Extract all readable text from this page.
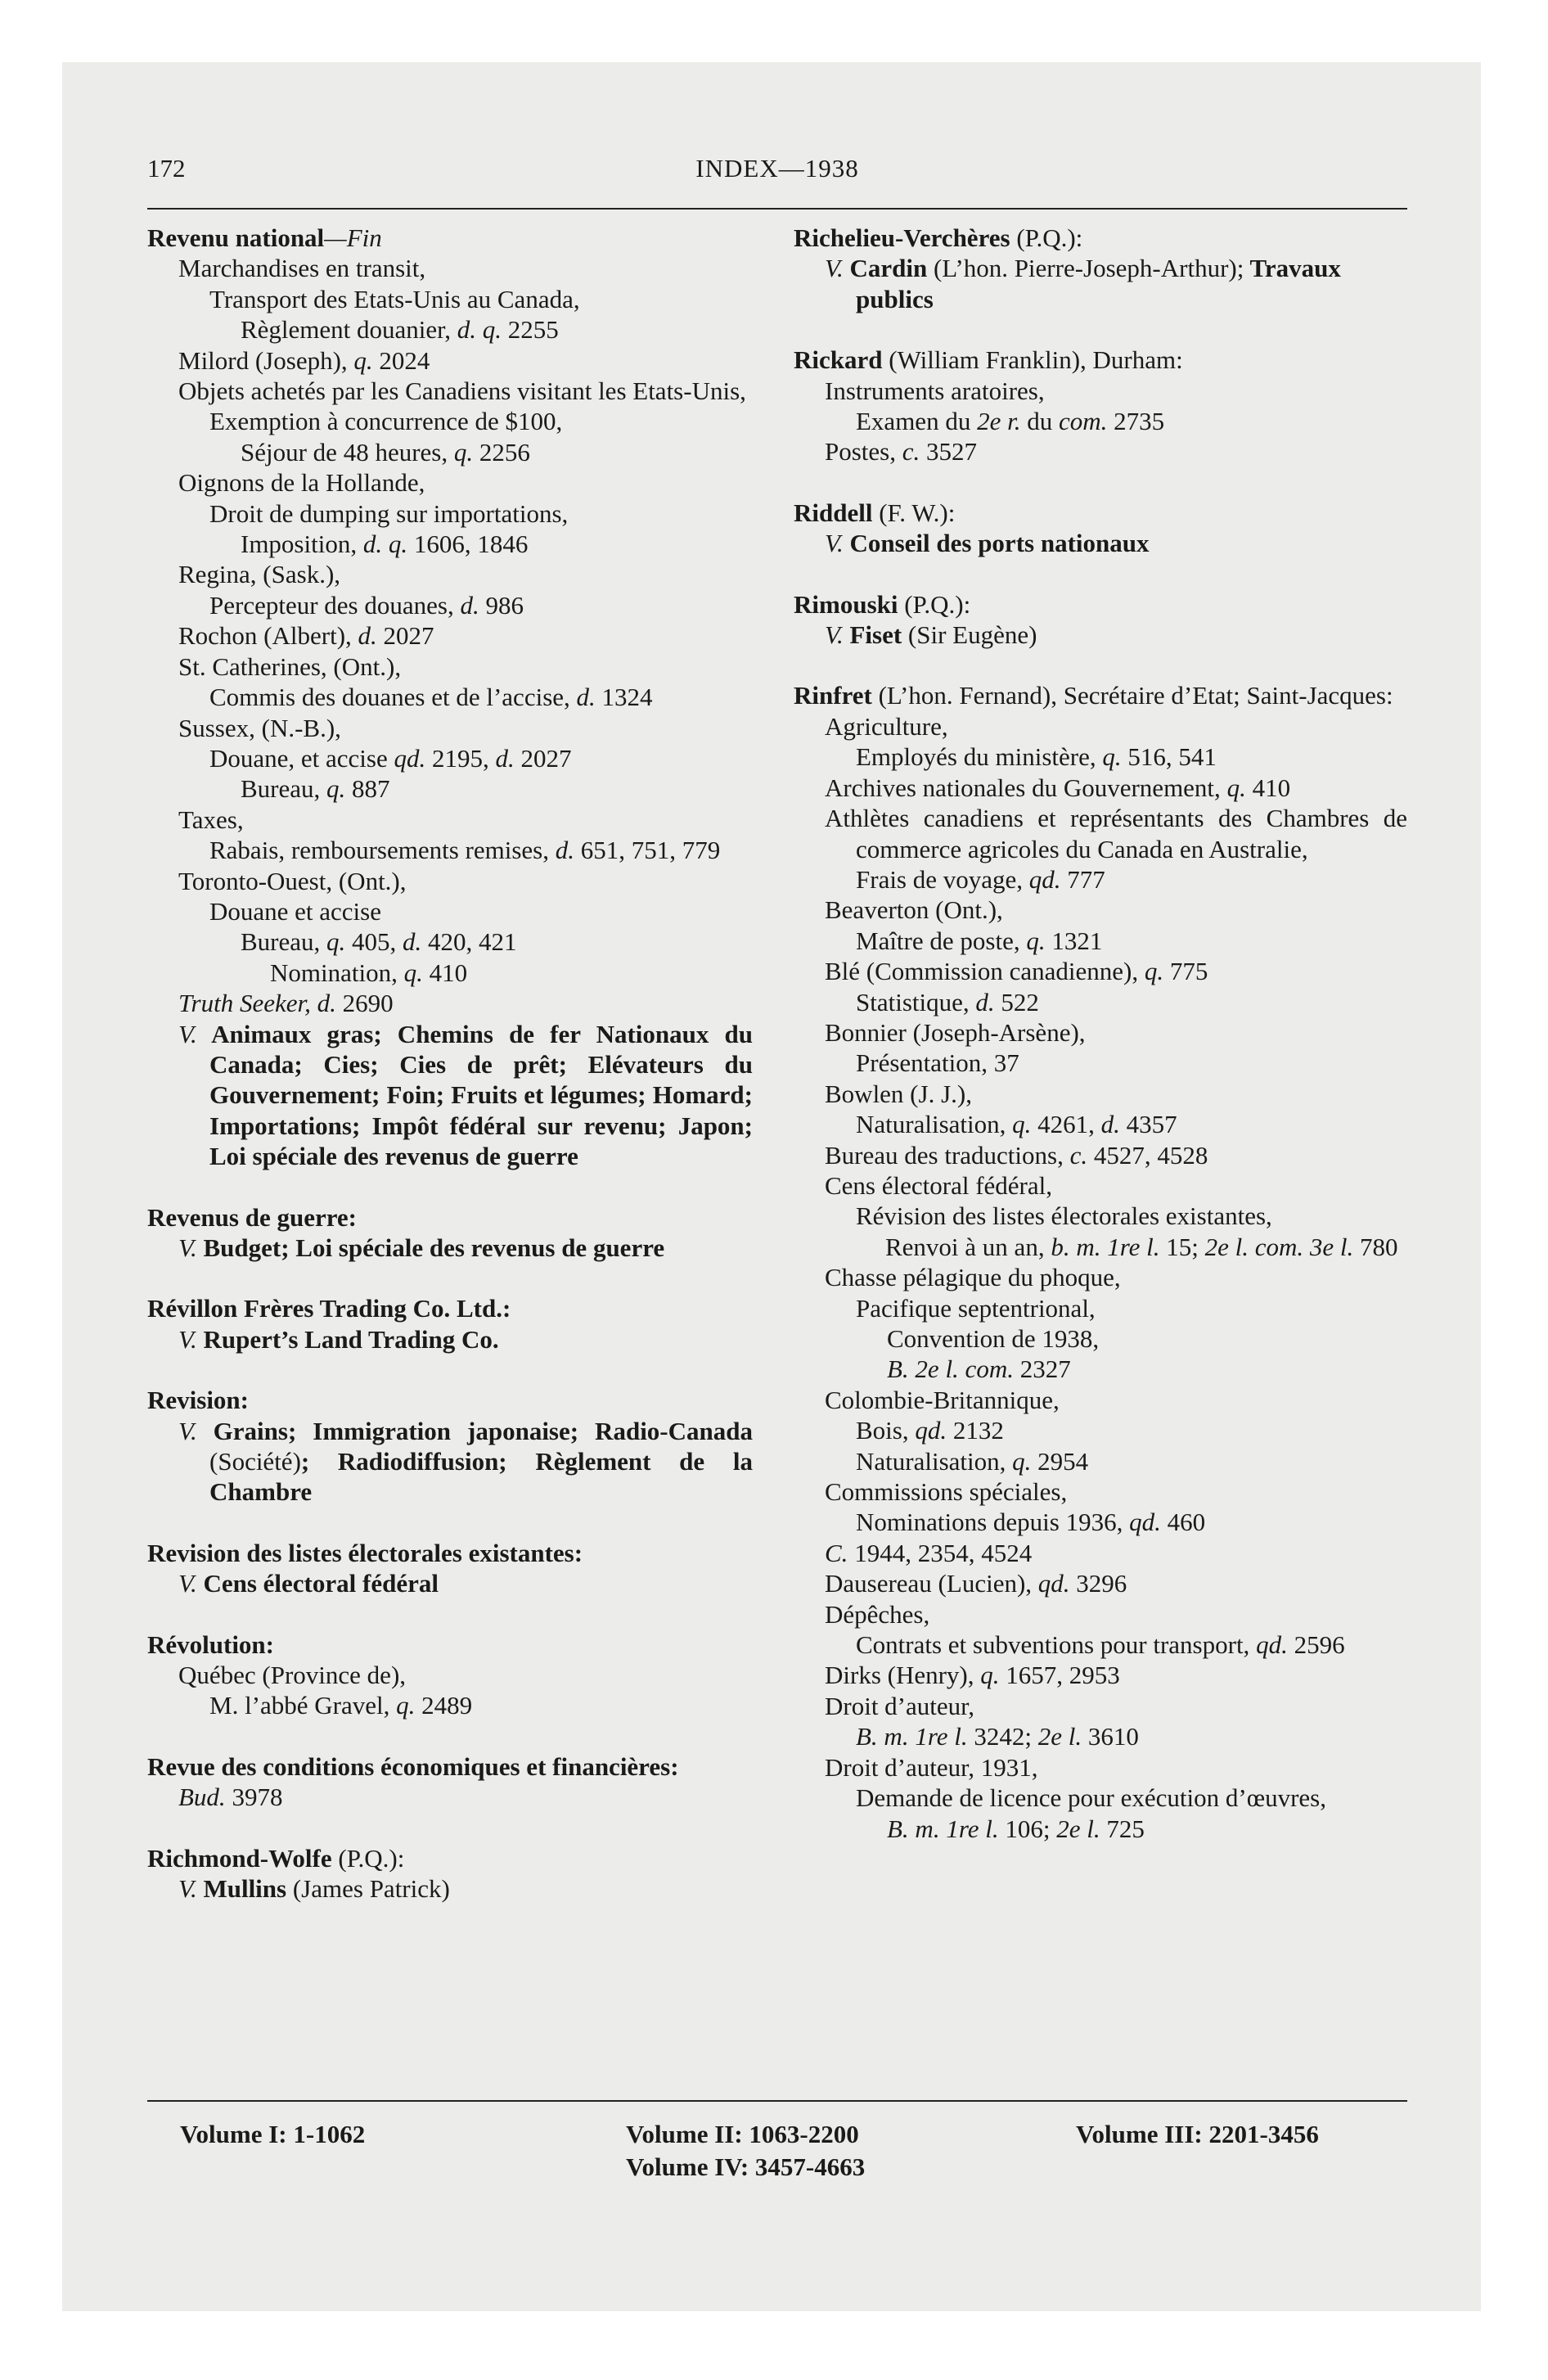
172	INDEX—1938
Revenu national—Fin
Marchandises en transit,
Transport des Etats-Unis au Canada,
Règlement douanier, d. q. 2255
Milord (Joseph), q. 2024
Objets achetés par les Canadiens visitant les Etats-Unis,
Exemption à concurrence de $100,
Séjour de 48 heures, q. 2256
Oignons de la Hollande,
Droit de dumping sur importations,
Imposition, d. q. 1606, 1846
Regina, (Sask.),
Percepteur des douanes, d. 986
Rochon (Albert), d. 2027
St. Catherines, (Ont.),
Commis des douanes et de l’accise, d. 1324
Sussex, (N.-B.),
Douane, et accise qd. 2195, d. 2027
Bureau, q. 887
Taxes,
Rabais, remboursements remises, d. 651, 751, 779
Toronto-Ouest, (Ont.),
Douane et accise
Bureau, q. 405, d. 420, 421
Nomination, q. 410
Truth Seeker, d. 2690
V. Animaux gras; Chemins de fer Nationaux du Canada; Cies; Cies de prêt; Elévateurs du Gouvernement; Foin; Fruits et légumes; Homard; Importations; Impôt fédéral sur revenu; Japon; Loi spéciale des revenus de guerre
Revenus de guerre:
V. Budget; Loi spéciale des revenus de guerre
Révillon Frères Trading Co. Ltd.:
V. Rupert’s Land Trading Co.
Revision:
V. Grains; Immigration japonaise; Radio-Canada (Société); Radiodiffusion; Règlement de la Chambre
Revision des listes électorales existantes:
V. Cens électoral fédéral
Révolution:
Québec (Province de),
M. l’abbé Gravel, q. 2489
Revue des conditions économiques et financières:
Bud. 3978
Richmond-Wolfe (P.Q.):
V. Mullins (James Patrick)
Richelieu-Verchères (P.Q.):
V. Cardin (L’hon. Pierre-Joseph-Arthur); Travaux publics
Rickard (William Franklin), Durham:
Instruments aratoires,
Examen du 2e r. du com. 2735
Postes, c. 3527
Riddell (F. W.):
V. Conseil des ports nationaux
Rimouski (P.Q.):
V. Fiset (Sir Eugène)
Rinfret (L’hon. Fernand), Secrétaire d’Etat; Saint-Jacques:
Agriculture,
Employés du ministère, q. 516, 541
Archives nationales du Gouvernement, q. 410
Athlètes canadiens et représentants des Chambres de commerce agricoles du Canada en Australie,
Frais de voyage, qd. 777
Beaverton (Ont.),
Maître de poste, q. 1321
Blé (Commission canadienne), q. 775
Statistique, d. 522
Bonnier (Joseph-Arsène),
Présentation, 37
Bowlen (J. J.),
Naturalisation, q. 4261, d. 4357
Bureau des traductions, c. 4527, 4528
Cens électoral fédéral,
Révision des listes électorales existantes,
Renvoi à un an, b. m. 1re l. 15; 2e l. com. 3e l. 780
Chasse pélagique du phoque,
Pacifique septentrional,
Convention de 1938,
B. 2e l. com. 2327
Colombie-Britannique,
Bois, qd. 2132
Naturalisation, q. 2954
Commissions spéciales,
Nominations depuis 1936, qd. 460
C. 1944, 2354, 4524
Dausereau (Lucien), qd. 3296
Dépêches,
Contrats et subventions pour transport, qd. 2596
Dirks (Henry), q. 1657, 2953
Droit d’auteur,
B. m. 1re l. 3242; 2e l. 3610
Droit d’auteur, 1931,
Demande de licence pour exécution d’œuvres,
B. m. 1re l. 106; 2e l. 725
Volume I: 1-1062	Volume II: 1063-2200
Volume IV: 3457-4663
Volume III: 2201-3456
